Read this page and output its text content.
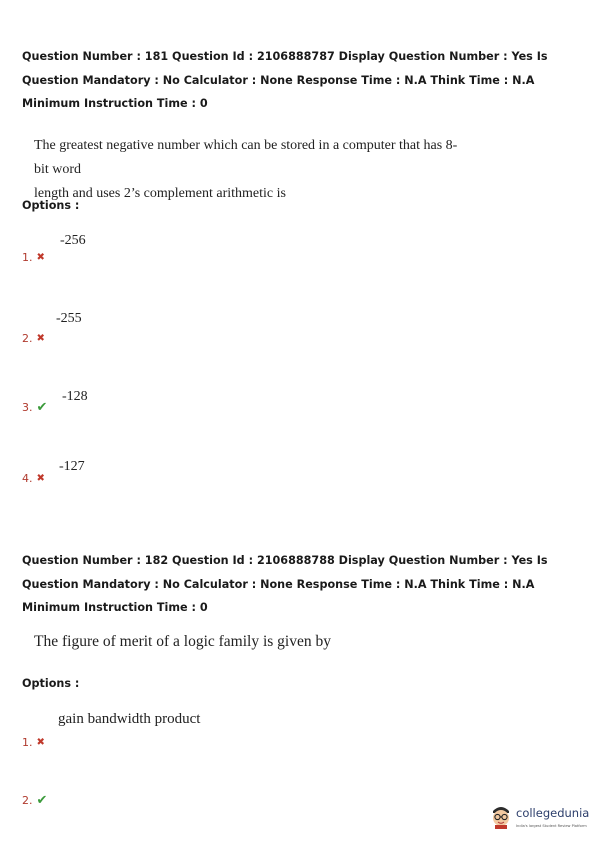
Question Number : 181 Question Id : 2106888787 Display Question Number : Yes Is Question Mandatory : No Calculator : None Response Time : N.A Think Time : N.A Minimum Instruction Time : 0
The greatest negative number which can be stored in a computer that has 8-bit word
length and uses 2’s complement arithmetic is
Options :
-256
1. ✖
-255
2. ✖
-128
3. ✔
-127
4. ✖
Question Number : 182 Question Id : 2106888788 Display Question Number : Yes Is Question Mandatory : No Calculator : None Response Time : N.A Think Time : N.A Minimum Instruction Time : 0
The figure of merit of a logic family is given by
Options :
gain bandwidth product
1. ✖
2. ✔
collegedunia
India's largest Student Review Platform
